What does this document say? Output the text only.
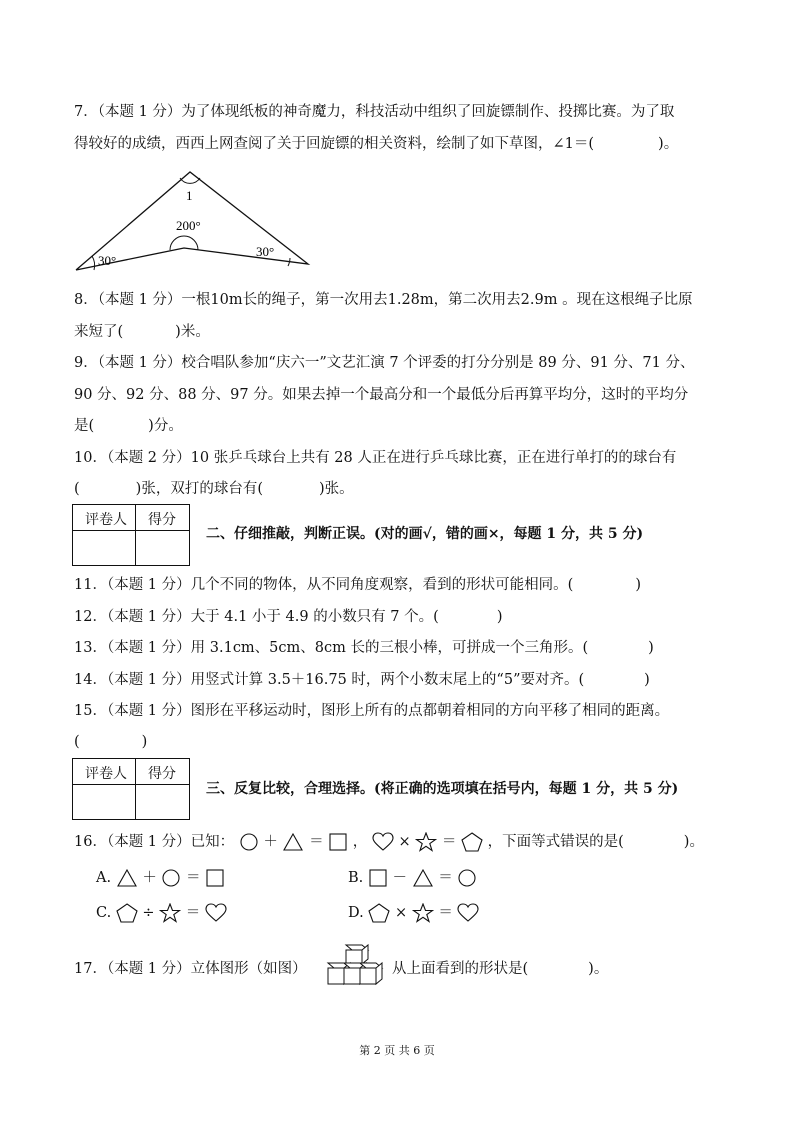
7．（本题 1 分）为了体现纸板的神奇魔力，科技活动中组织了回旋镖制作、投掷比赛。为了取
得较好的成绩，西西上网查阅了关于回旋镖的相关资料，绘制了如下草图，∠1＝(	)。
1
200°
30°
30°
8．（本题 1 分）一根10m长的绳子，第一次用去1.28m，第二次用去2.9m 。现在这根绳子比原
来短了(	)米。
9．（本题 1 分）校合唱队参加“庆六一”文艺汇演 7 个评委的打分分别是 89 分、91 分、71 分、
90 分、92 分、88 分、97 分。如果去掉一个最高分和一个最低分后再算平均分，这时的平均分
是(	)分。
10．（本题 2 分）10 张乒乓球台上共有 28 人正在进行乒乓球比赛，正在进行单打的的球台有
(	)张，双打的球台有(	)张。
评卷人	得分
二、仔细推敲，判断正误。(对的画√，错的画×，每题 1 分，共 5 分)
11．（本题 1 分）几个不同的物体，从不同角度观察，看到的形状可能相同。(	)
12．（本题 1 分）大于 4.1 小于 4.9 的小数只有 7 个。(	)
13．（本题 1 分）用 3.1cm、5cm、8cm 长的三根小棒，可拼成一个三角形。(	)
14．（本题 1 分）用竖式计算 3.5＋16.75 时，两个小数末尾上的“5”要对齐。(	)
15．（本题 1 分）图形在平移运动时，图形上所有的点都朝着相同的方向平移了相同的距离。
(	)
评卷人	得分
三、反复比较，合理选择。(将正确的选项填在括号内，每题 1 分，共 5 分)
16．（本题 1 分）已知： ＋ ＝  ，  × ＝ ，下面等式错误的是(	)。
A. ＋ ＝	B. － ＝
C. ÷ ＝	D. × ＝
17．（本题 1 分）立体图形（如图）	从上面看到的形状是(	)。
第 2 页 共 6 页
